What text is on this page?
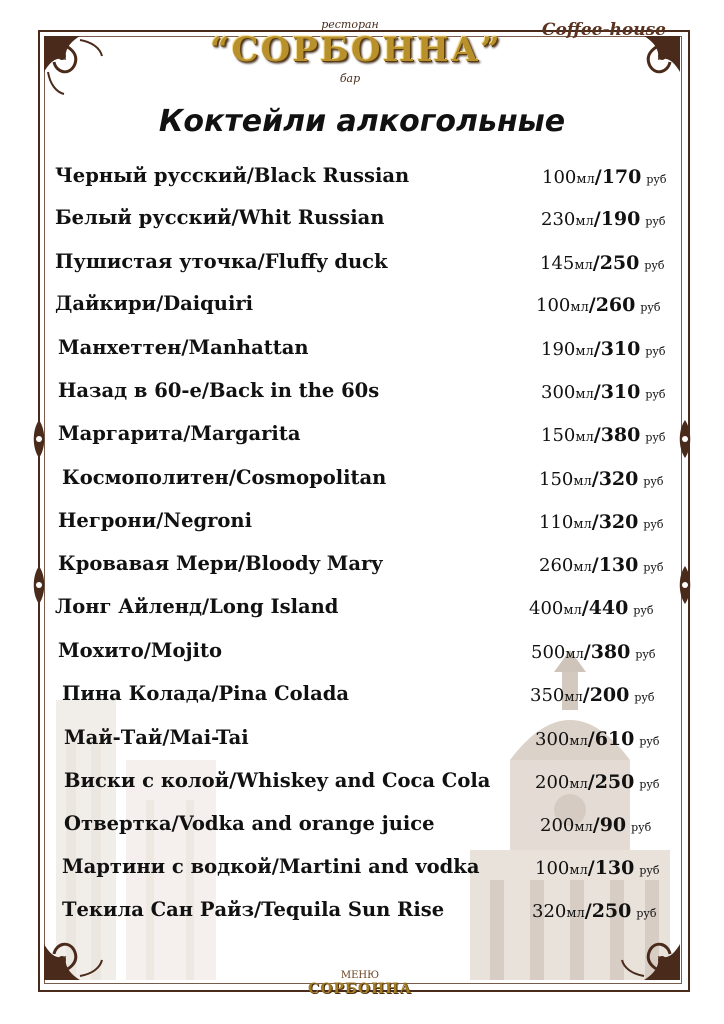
ресторан
“СОРБОННА”
бар
Coffee-house
Коктейли алкогольные
Черный русский/Black Russian	100мл/170 руб
Белый русский/Whit Russian	230мл/190 руб
Пушистая уточка/Fluffy duck	145мл/250 руб
Дайкири/Daiquiri	100мл/260 руб
Манхеттен/Manhattan	190мл/310 руб
Назад в 60-е/Back in the 60s	300мл/310 руб
Маргарита/Margarita	150мл/380 руб
Космополитен/Cosmopolitan	150мл/320 руб
Негрони/Negroni	110мл/320 руб
Кровавая Мери/Bloody Mary	260мл/130 руб
Лонг Айленд/Long Island	400мл/440 руб
Мохито/Mojito	500мл/380 руб
Пина Колада/Pina Colada	350мл/200 руб
Май-Тай/Mai-Tai	300мл/610 руб
Виски с колой/Whiskey and Coca Cola 200мл/250 руб
Отвертка/Vodka and orange juice	200мл/90 руб
Мартини с водкой/Martini and vodka	100мл/130 руб
Текила Сан Райз/Tequila Sun Rise	320мл/250 руб
МЕНЮ
СОРБОННА
